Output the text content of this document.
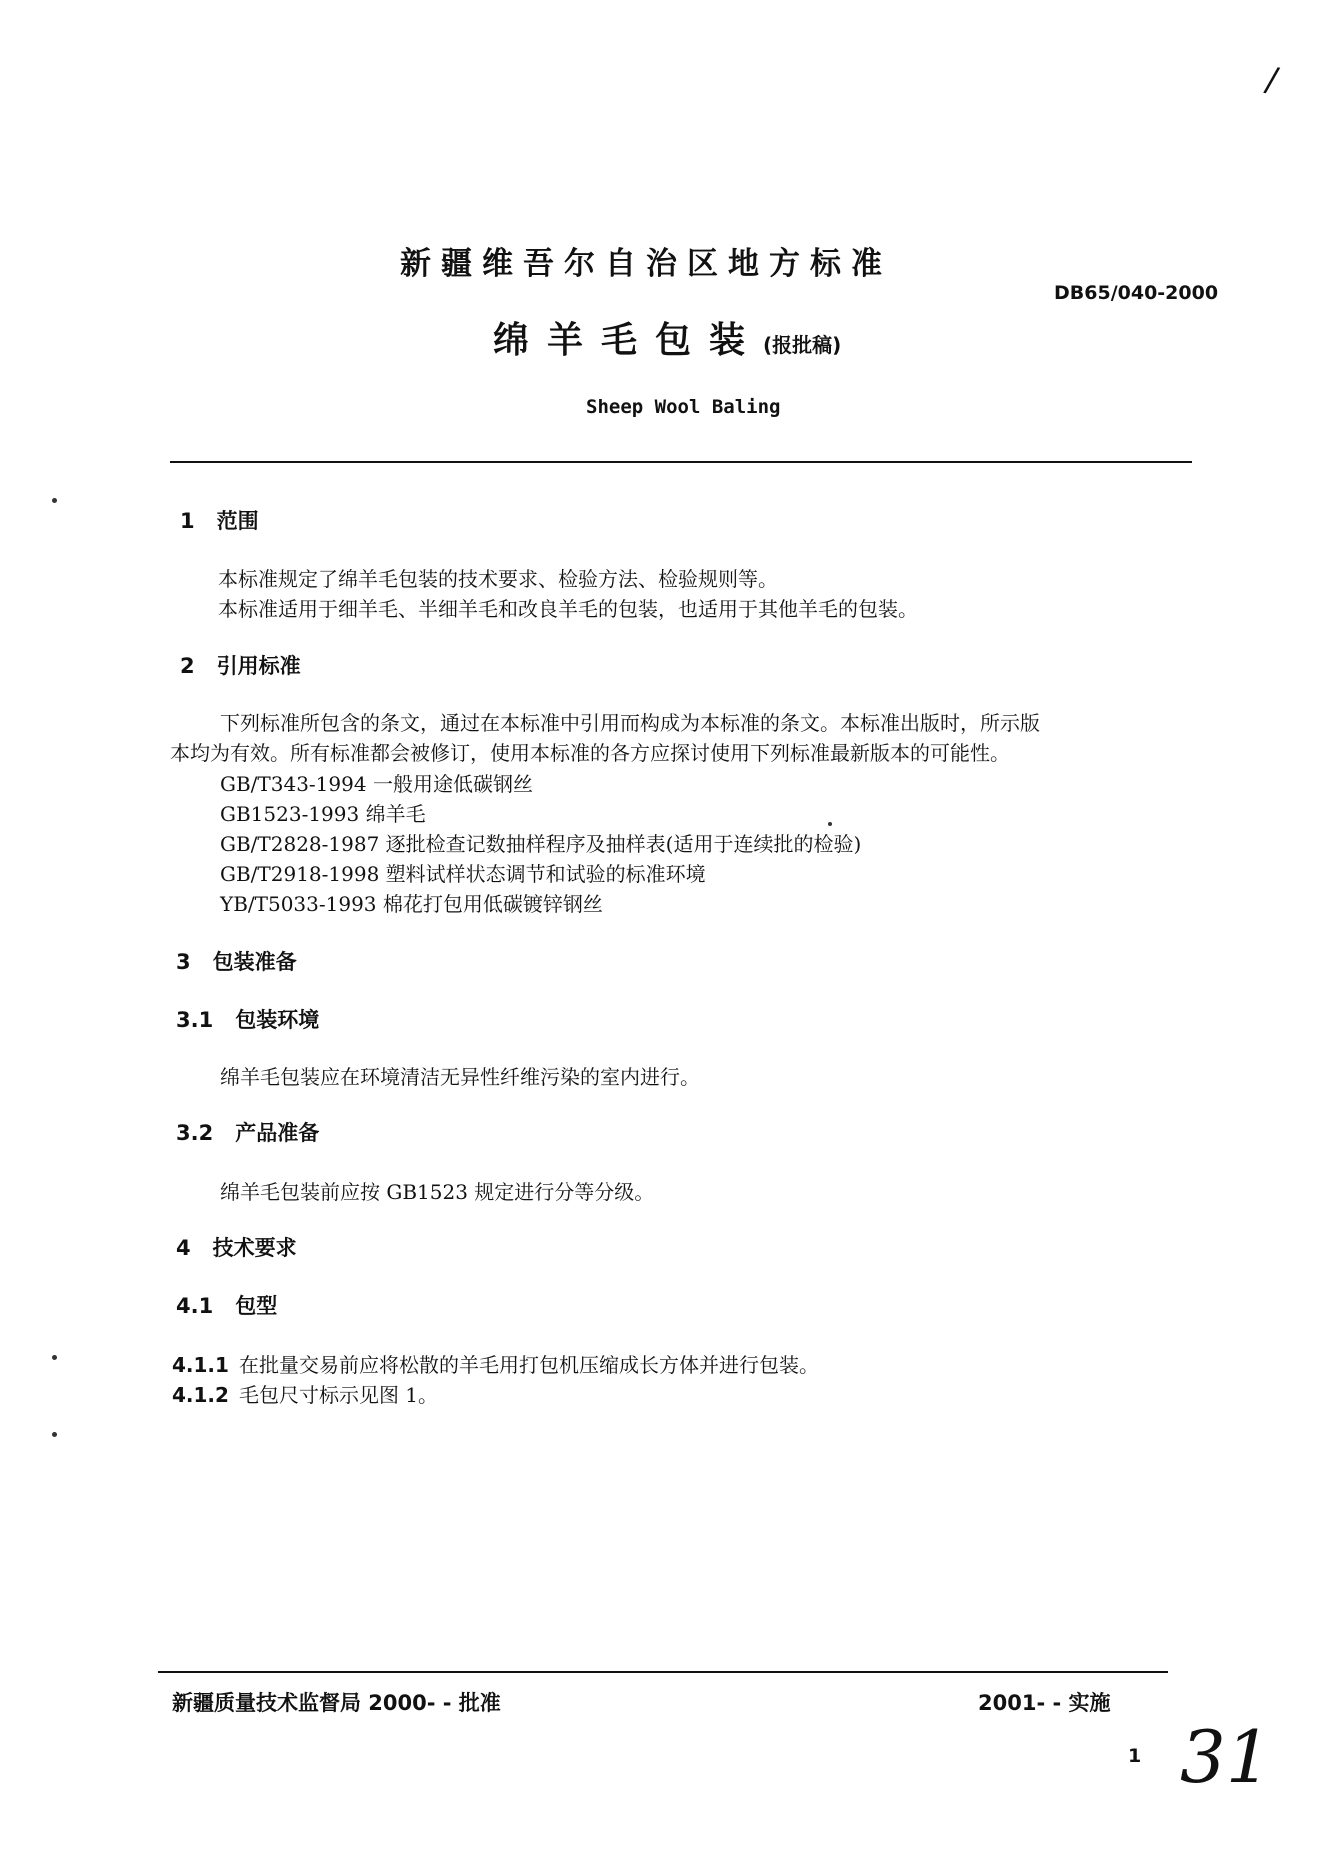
新疆维吾尔自治区地方标准
DB65/040-2000
绵羊毛包装(报批稿)
Sheep Wool Baling
1 范围
本标准规定了绵羊毛包装的技术要求、检验方法、检验规则等。
本标准适用于细羊毛、半细羊毛和改良羊毛的包装，也适用于其他羊毛的包装。
2 引用标准
下列标准所包含的条文，通过在本标准中引用而构成为本标准的条文。本标准出版时，所示版
本均为有效。所有标准都会被修订，使用本标准的各方应探讨使用下列标准最新版本的可能性。
GB/T343-1994 一般用途低碳钢丝
GB1523-1993 绵羊毛
GB/T2828-1987 逐批检查记数抽样程序及抽样表(适用于连续批的检验)
GB/T2918-1998 塑料试样状态调节和试验的标准环境
YB/T5033-1993 棉花打包用低碳镀锌钢丝
3 包装准备
3.1 包装环境
绵羊毛包装应在环境清洁无异性纤维污染的室内进行。
3.2 产品准备
绵羊毛包装前应按 GB1523 规定进行分等分级。
4 技术要求
4.1 包型
4.1.1 在批量交易前应将松散的羊毛用打包机压缩成长方体并进行包装。
4.1.2 毛包尺寸标示见图 1。
新疆质量技术监督局 2000- - 批准	2001- - 实施
1 31
/
